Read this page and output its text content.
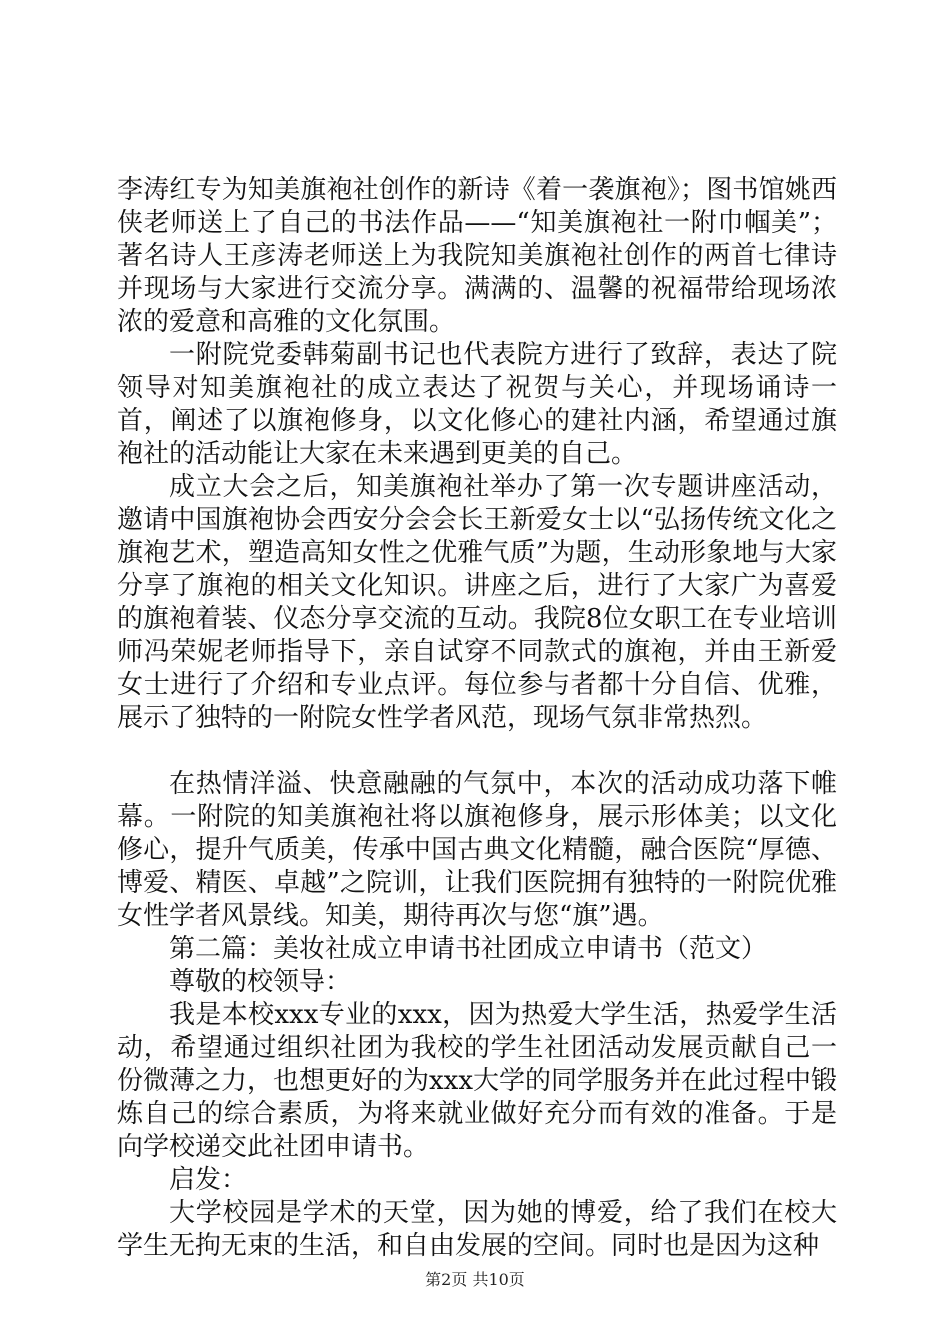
李涛红专为知美旗袍社创作的新诗《着一袭旗袍》；图书馆姚西侠老师送上了自己的书法作品——“知美旗袍社一附巾帼美”；著名诗人王彦涛老师送上为我院知美旗袍社创作的两首七律诗并现场与大家进行交流分享。满满的、温馨的祝福带给现场浓浓的爱意和高雅的文化氛围。

一附院党委韩菊副书记也代表院方进行了致辞，表达了院领导对知美旗袍社的成立表达了祝贺与关心，并现场诵诗一首，阐述了以旗袍修身，以文化修心的建社内涵，希望通过旗袍社的活动能让大家在未来遇到更美的自己。

成立大会之后，知美旗袍社举办了第一次专题讲座活动，邀请中国旗袍协会西安分会会长王新爱女士以“弘扬传统文化之旗袍艺术，塑造高知女性之优雅气质”为题，生动形象地与大家分享了旗袍的相关文化知识。讲座之后，进行了大家广为喜爱的旗袍着装、仪态分享交流的互动。我院8位女职工在专业培训师冯荣妮老师指导下，亲自试穿不同款式的旗袍，并由王新爱女士进行了介绍和专业点评。每位参与者都十分自信、优雅，展示了独特的一附院女性学者风范，现场气氛非常热烈。

在热情洋溢、快意融融的气氛中，本次的活动成功落下帷幕。一附院的知美旗袍社将以旗袍修身，展示形体美；以文化修心，提升气质美，传承中国古典文化精髓，融合医院“厚德、博爱、精医、卓越”之院训，让我们医院拥有独特的一附院优雅女性学者风景线。知美，期待再次与您“旗”遇。

第二篇：美妆社成立申请书社团成立申请书（范文）

尊敬的校领导：

我是本校xxx专业的xxx，因为热爱大学生活，热爱学生活动，希望通过组织社团为我校的学生社团活动发展贡献自己一份微薄之力，也想更好的为xxx大学的同学服务并在此过程中锻炼自己的综合素质，为将来就业做好充分而有效的准备。于是向学校递交此社团申请书。

启发：

大学校园是学术的天堂，因为她的博爱，给了我们在校大学生无拘无束的生活，和自由发展的空间。同时也是因为这种

第2页 共10页
